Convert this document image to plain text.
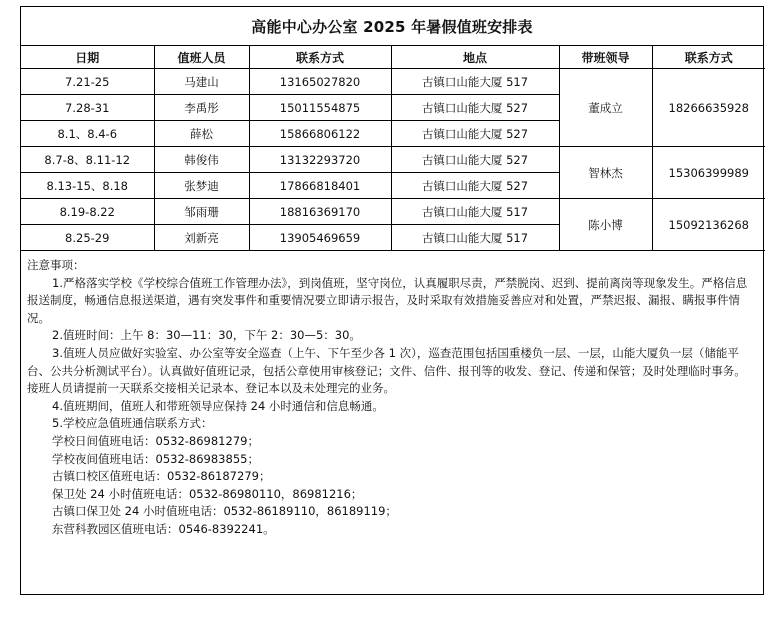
高能中心办公室 2025 年暑假值班安排表
日期	值班人员	联系方式	地点	带班领导	联系方式
7.21-25	马建山	13165027820	古镇口山能大厦 517	董成立	18266635928
7.28-31	李禹彤	15011554875	古镇口山能大厦 527		
8.1、8.4-6	薛松	15866806122	古镇口山能大厦 527		
8.7-8、8.11-12	韩俊伟	13132293720	古镇口山能大厦 527	智林杰	15306399989
8.13-15、8.18	张梦迪	17866818401	古镇口山能大厦 527		
8.19-8.22	邹雨珊	18816369170	古镇口山能大厦 517	陈小博	15092136268
8.25-29	刘新亮	13905469659	古镇口山能大厦 517		

注意事项：

1.严格落实学校《学校综合值班工作管理办法》，到岗值班，坚守岗位，认真履职尽责，严禁脱岗、迟到、提前离岗等现象发生。严格信息报送制度，畅通信息报送渠道，遇有突发事件和重要情况要立即请示报告，及时采取有效措施妥善应对和处置，严禁迟报、漏报、瞒报事件情况。

2.值班时间：上午 8：30—11：30，下午 2：30—5：30。

3.值班人员应做好实验室、办公室等安全巡查（上午、下午至少各 1 次），巡查范围包括国重楼负一层、一层，山能大厦负一层（储能平台、公共分析测试平台）。认真做好值班记录，包括公章使用审核登记；文件、信件、报刊等的收发、登记、传递和保管；及时处理临时事务。接班人员请提前一天联系交接相关记录本、登记本以及未处理完的业务。

4.值班期间，值班人和带班领导应保持 24 小时通信和信息畅通。

5.学校应急值班通信联系方式：

学校日间值班电话：0532-86981279；

学校夜间值班电话：0532-86983855；

古镇口校区值班电话：0532-86187279；

保卫处 24 小时值班电话：0532-86980110，86981216；

古镇口保卫处 24 小时值班电话：0532-86189110，86189119；

东营科教园区值班电话：0546-8392241。
